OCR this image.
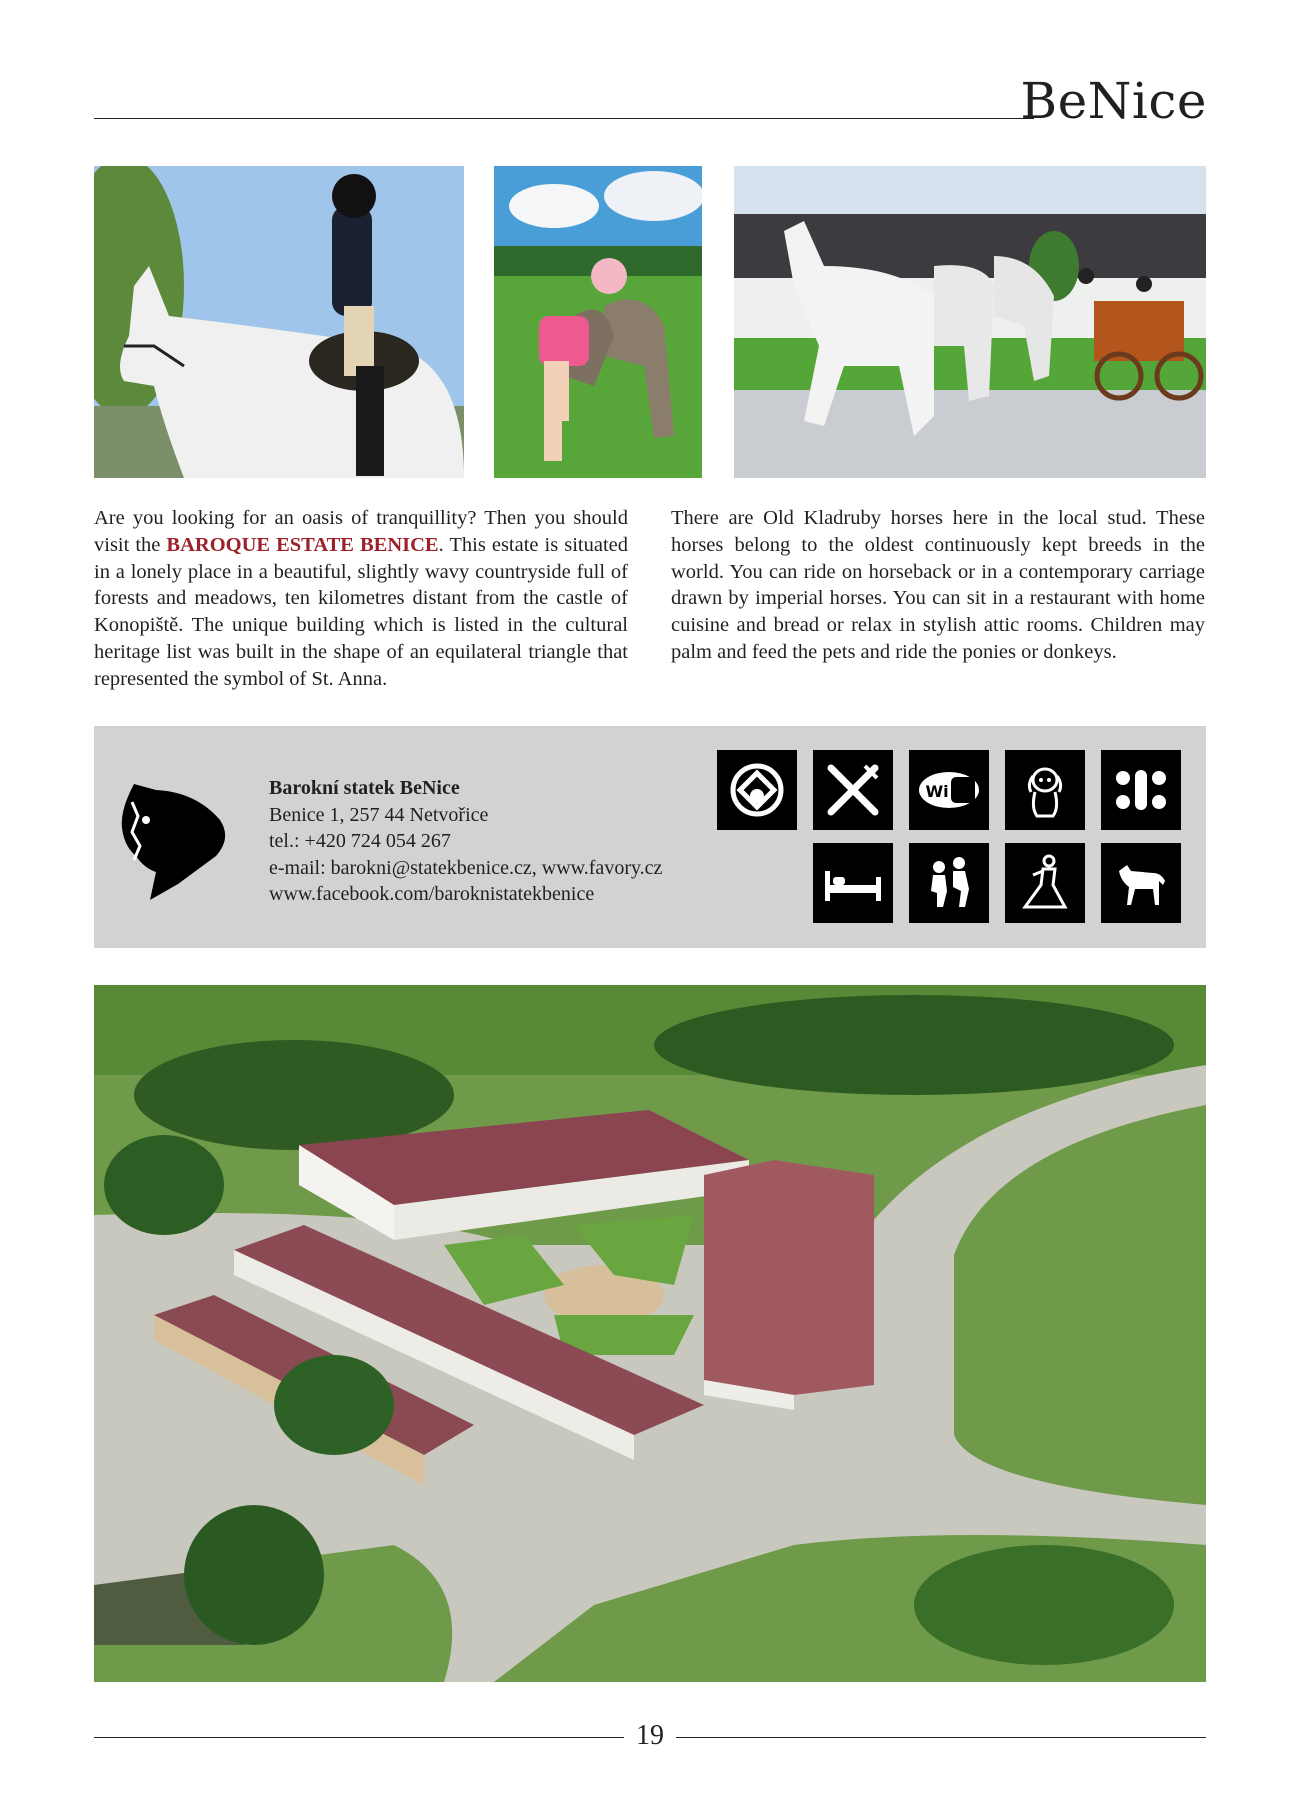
BeNice
Are you looking for an oasis of tranquillity? Then you should visit the BAROQUE ESTATE BENICE. This estate is situated in a lonely place in a beautiful, slightly wavy countryside full of forests and meadows, ten kilometres distant from the castle of Konopiště. The unique building which is listed in the cultural heritage list was built in the shape of an equilateral triangle that represented the symbol of St. Anna.
There are Old Kladruby horses here in the local stud. These horses belong to the oldest continuously kept breeds in the world. You can ride on horseback or in a contemporary carriage drawn by imperial horses. You can sit in a restaurant with home cuisine and bread or relax in stylish attic rooms. Children may palm and feed the pets and ride the ponies or donkeys.
Barokní statek BeNice
Benice 1, 257 44 Netvořice
tel.: +420 724 054 267
e-mail: barokni@statekbenice.cz, www.favory.cz
www.facebook.com/baroknistatekbenice
Wi Fi
19
